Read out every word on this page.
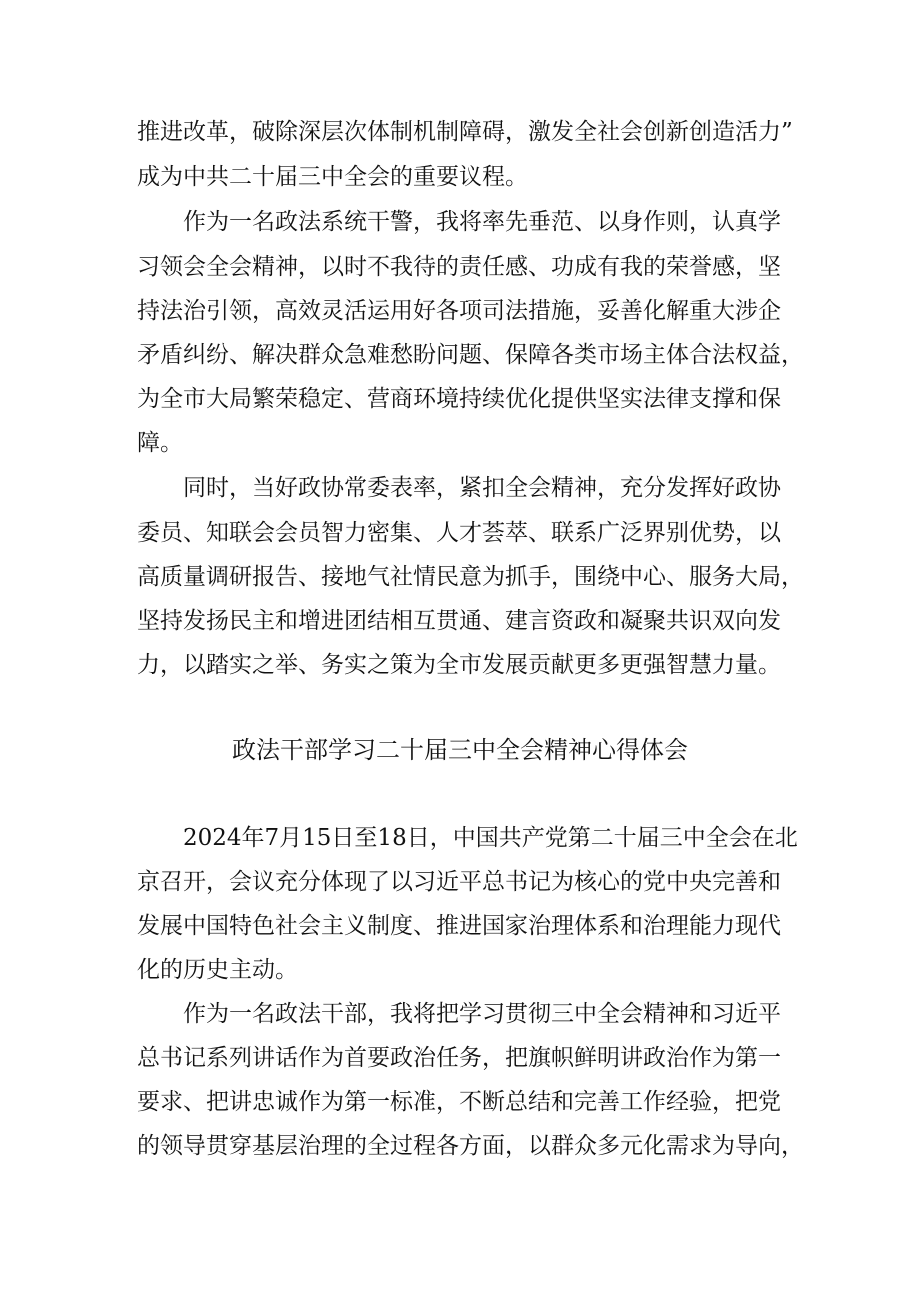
推进改革，破除深层次体制机制障碍，激发全社会创新创造活力”
成为中共二十届三中全会的重要议程。
　　作为一名政法系统干警，我将率先垂范、以身作则，认真学
习领会全会精神，以时不我待的责任感、功成有我的荣誉感，坚
持法治引领，高效灵活运用好各项司法措施，妥善化解重大涉企
矛盾纠纷、解决群众急难愁盼问题、保障各类市场主体合法权益，
为全市大局繁荣稳定、营商环境持续优化提供坚实法律支撑和保
障。
　　同时，当好政协常委表率，紧扣全会精神，充分发挥好政协
委员、知联会会员智力密集、人才荟萃、联系广泛界别优势，以
高质量调研报告、接地气社情民意为抓手，围绕中心、服务大局，
坚持发扬民主和增进团结相互贯通、建言资政和凝聚共识双向发
力，以踏实之举、务实之策为全市发展贡献更多更强智慧力量。
政法干部学习二十届三中全会精神心得体会
　　2024年7月15日至18日，中国共产党第二十届三中全会在北
京召开，会议充分体现了以习近平总书记为核心的党中央完善和
发展中国特色社会主义制度、推进国家治理体系和治理能力现代
化的历史主动。
　　作为一名政法干部，我将把学习贯彻三中全会精神和习近平
总书记系列讲话作为首要政治任务，把旗帜鲜明讲政治作为第一
要求、把讲忠诚作为第一标准，不断总结和完善工作经验，把党
的领导贯穿基层治理的全过程各方面，以群众多元化需求为导向，
